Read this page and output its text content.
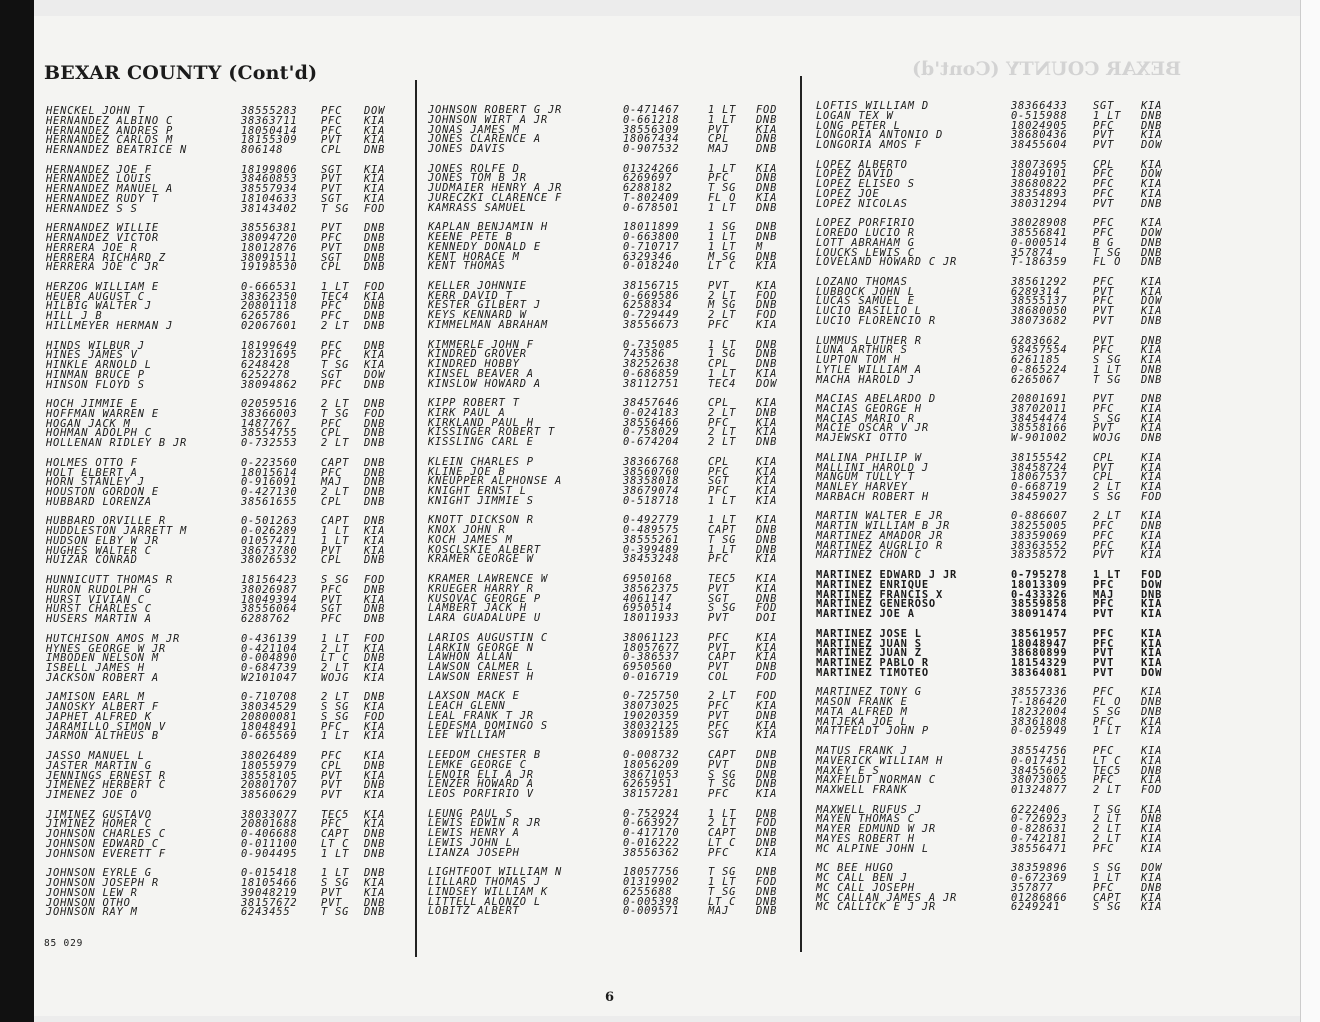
BEXAR COUNTY (Cont'd)	BEXAR COUNTY (Cont'd)
HENCKEL JOHN T	38555283 PFC DOW
HERNANDEZ ALBINO C	38363711 PFC KIA
HERNANDEZ ANDRES P	18050414 PFC KIA
HERNANDEZ CARLOS M	18155309 PVT KIA
HERNANDEZ BEATRICE N	806148	CPL DNB
HERNANDEZ JOE F	18199806 SGT KIA
HERNANDEZ LOUIS	38460853 PVT KIA
HERNANDEZ MANUEL A	38557934 PVT KIA
HERNANDEZ RUDY T	18104633 SGT KIA
HERNANDEZ S S	38143402 T SG FOD
HERNANDEZ WILLIE	38556381 PVT DNB
HERNANDEZ VICTOR	38094720 PFC DNB
HERRERA JOE R	18012876 PVT DNB
HERRERA RICHARD Z	38091511 SGT DNB
HERRERA JOE C JR	19198530 CPL DNB
HERZOG WILLIAM E	0-666531 1 LT FOD
HEUER AUGUST C	38362350 TEC4 KIA
HILBIG WALTER J	20801118 PFC DNB
HILL J B	6265786	PFC DNB
HILLMEYER HERMAN J	02067601 2 LT DNB
HINDS WILBUR J	18199649 PFC DNB
HINES JAMES V	18231695 PFC KIA
HINKLE ARNOLD L	6248428	T SG KIA
HINMAN BRUCE P	6252278	SGT DOW
HINSON FLOYD S	38094862 PFC DNB
HOCH JIMMIE E	02059516 2 LT DNB
HOFFMAN WARREN E	38366003 T SG FOD
HOGAN JACK M	1487767	PFC DNB
HOHMAN ADOLPH C	38554755 CPL DNB
HOLLENAN RIDLEY B JR	0-732553 2 LT DNB
HOLMES OTTO F	0-223560 CAPT DNB
HOLT ELBERT A	18015614 PFC DNB
HORN STANLEY J	0-916091 MAJ DNB
HOUSTON GORDON E	0-427130 2 LT DNB
HUBBARD LORENZA	38561655 CPL DNB
HUBBARD ORVILLE R	0-501263 CAPT DNB
HUDDLESTON JARRETT M	0-026289 1 LT KIA
HUDSON ELBY W JR	01057471 1 LT KIA
HUGHES WALTER C	38673780 PVT KIA
HUIZAR CONRAD	38026532 CPL DNB
HUNNICUTT THOMAS R	18156423 S SG FOD
HURON RUDOLPH G	38026987 PFC DNB
HURST VIVIAN C	18049394 PVT KIA
HURST CHARLES C	38556064 SGT DNB
HUSERS MARTIN A	6288762	PFC DNB
HUTCHISON AMOS M JR	0-436139 1 LT FOD
HYNES GEORGE W JR	0-421104 2 LT KIA
IMBODEN NELSON M	0-004890 LT C DNB
ISBELL JAMES H	0-684739 2 LT KIA
JACKSON ROBERT A	W2101047 WOJG KIA
JAMISON EARL M	0-710708 2 LT DNB
JANOSKY ALBERT F	38034529 S SG KIA
JAPHET ALFRED K	20800081 S SG FOD
JARAMILLO SIMON V	18048491 PFC KIA
JARMON ALTHEUS B	0-665569 1 LT KIA
JASSO MANUEL L	38026489 PFC KIA
JASTER MARTIN G	18055979 CPL DNB
JENNINGS ERNEST R	38558105 PVT KIA
JIMENEZ HERBERT C	20801707 PVT DNB
JIMENEZ JOE O	38560629 PVT KIA
JIMINEZ GUSTAVO	38033077 TEC5 KIA
JIMINEZ HOMER C	20801688 PFC KIA
JOHNSON CHARLES C	0-406688 CAPT DNB
JOHNSON EDWARD C	0-011100 LT C DNB
JOHNSON EVERETT F	0-904495 1 LT DNB
JOHNSON EYRLE G	0-015418 1 LT DNB
JOHNSON JOSEPH R	18105466 S SG KIA
JOHNSON LEW R	39048219 PVT KIA
JOHNSON OTHO	38157672 PVT DNB
JOHNSON RAY M	6243455	T SG DNB
JOHNSON ROBERT G JR	0-471467	1 LT FOD
JOHNSON WIRT A JR	0-661218	1 LT DNB
JONAS JAMES M	38556309	PVT	KIA
JONES CLARENCE A	18067434	CPL	DNB
JONES DAVIS	0-907532	MAJ	DNB
JONES ROLFE D	01324266	1 LT KIA
JONES TOM B JR	6269697	PFC	DNB
JUDMAIER HENRY A JR	6288182	T SG DNB
JURECZKI CLARENCE F	T-802409	FL O KIA
KAMRASS SAMUEL	0-678501	1 LT DNB
KAPLAN BENJAMIN H	18011899	1 SG DNB
KEENE PETE B	0-663800	1 LT DNB
KENNEDY DONALD E	0-710717	1 LT M
KENT HORACE M	6329346	M SG DNB
KENT THOMAS	0-018240	LT C KIA
KELLER JOHNNIE	38156715	PVT	KIA
KERR DAVID T	0-669586	2 LT FOD
KESTER GILBERT J	6258834	M SG DNB
KEYS KENNARD W	0-729449	2 LT FOD
KIMMELMAN ABRAHAM	38556673	PFC	KIA
KIMMERLE JOHN F	0-735085	1 LT DNB
KINDRED GROVER	743586	1 SG DNB
KINDRED HOBBY	38252638	CPL	DNB
KINSEL BEAVER A	0-686859	1 LT KIA
KINSLOW HOWARD A	38112751	TEC4 DOW
KIPP ROBERT T	38457646	CPL	KIA
KIRK PAUL A	0-024183	2 LT DNB
KIRKLAND PAUL H	38556466	PFC	KIA
KISSINGER ROBERT T	0-758029	2 LT KIA
KISSLING CARL E	0-674204	2 LT DNB
KLEIN CHARLES P	38366768	CPL	KIA
KLINE JOE B	38560760	PFC	KIA
KNEUPPER ALPHONSE A	38358018	SGT	KIA
KNIGHT ERNST L	38679074	PFC	KIA
KNIGHT JIMMIE S	0-518718	1 LT KIA
KNOTT DICKSON R	0-492779	1 LT KIA
KNOX JOHN R	0-489575	CAPT DNB
KOCH JAMES M	38555261	T SG DNB
KOSCLSKIE ALBERT	0-399489	1 LT DNB
KRAMER GEORGE W	38453248	PFC	KIA
KRAMER LAWRENCE W	6950168	TEC5 KIA
KRUEGER HARRY R	38562375	PVT	KIA
KUSOVAC GEORGE P	4061147	SGT	DNB
LAMBERT JACK H	6950514	S SG FOD
LARA GUADALUPE U	18011933	PVT	DOI
LARIOS AUGUSTIN C	38061123	PFC	KIA
LARKIN GEORGE N	18057677	PVT	KIA
LAWHON ALLAN	0-386537	CAPT KIA
LAWSON CALMER L	6950560	PVT	DNB
LAWSON ERNEST H	0-016719	COL	FOD
LAXSON MACK E	0-725750	2 LT FOD
LEACH GLENN	38073025	PFC	KIA
LEAL FRANK T JR	19020359	PVT	DNB
LEDESMA DOMINGO S	38032125	PFC	KIA
LEE WILLIAM	38091589	SGT	KIA
LEEDOM CHESTER B	0-008732	CAPT DNB
LEMKE GEORGE C	18056209	PVT	DNB
LENOIR ELI A JR	38671053	S SG DNB
LENZER HOWARD A	6265951	T SG DNB
LEOS PORFIRIO V	38157281	PFC	KIA
LEUNG PAUL S	0-752924	1 LT DNB
LEWIS EDWIN R JR	0-663927	2 LT FOD
LEWIS HENRY A	0-417170	CAPT DNB
LEWIS JOHN L	0-016222	LT C DNB
LIANZA JOSEPH	38556362	PFC	KIA
LIGHTFOOT WILLIAM N	18057756	T SG DNB
LILLARD THOMAS J	01319902	1 LT FOD
LINDSEY WILLIAM K	6255688	T SG DNB
LITTELL ALONZO L	0-005398	LT C DNB
LOBITZ ALBERT	0-009571	MAJ	DNB
LOFTIS WILLIAM D	38366433 SGT	KIA
LOGAN TEX W	0-515988 1 LT DNB
LONG PETER L	18024905 PFC	DNB
LONGORIA ANTONIO D	38680436 PVT	KIA
LONGORIA AMOS F	38455604 PVT	DOW
LOPEZ ALBERTO	38073695 CPL	KIA
LOPEZ DAVID	18049101 PFC	DOW
LOPEZ ELISEO S	38680822 PFC	KIA
LOPEZ JOE	38354893 PFC	KIA
LOPEZ NICOLAS	38031294 PVT	DNB
LOPEZ PORFIRIO	38028908 PFC	KIA
LOREDO LUCIO R	38556841 PFC	DOW
LOTT ABRAHAM G	0-000514 B G	DNB
LOUCKS LEWIS C	357874	T SG DNB
LOVELAND HOWARD C JR	T-186359 FL O DNB
LOZANO THOMAS	38561292 PFC	KIA
LUBBOCK JOHN L	6289314	PVT	KIA
LUCAS SAMUEL E	38555137 PFC	DOW
LUCIO BASILIO L	38680050 PVT	KIA
LUCIO FLORENCIO R	38073682 PVT	DNB
LUMMUS LUTHER R	6283662	PVT	DNB
LUNA ARTHUR S	38457554 PFC	KIA
LUPTON TOM H	6261185	S SG KIA
LYTLE WILLIAM A	0-865224 1 LT DNB
MACHA HAROLD J	6265067	T SG DNB
MACIAS ABELARDO D	20801691 PVT	DNB
MACIAS GEORGE H	38702011 PFC	KIA
MACIAS MARIO R	38454474 S SG KIA
MACIE OSCAR V JR	38558166 PVT	KIA
MAJEWSKI OTTO	W-901002 WOJG DNB
MALINA PHILIP W	38155542 CPL	KIA
MALLINI HAROLD J	38458724 PVT	KIA
MANGUM TULLY T	18067537 CPL	KIA
MANLEY HARVEY	0-668719 2 LT KIA
MARBACH ROBERT H	38459027 S SG FOD
MARTIN WALTER E JR	0-886607 2 LT KIA
MARTIN WILLIAM B JR	38255005 PFC	DNB
MARTINEZ AMADOR JR	38359069 PFC	KIA
MARTINEZ AUGRLIO R	38363552 PFC	KIA
MARTINEZ CHON C	38358572 PVT	KIA
MARTINEZ EDWARD J JR	0-795278 1 LT FOD
MARTINEZ ENRIQUE	18013309 PFC	DOW
MARTINEZ FRANCIS X	0-433326 MAJ	DNB
MARTINEZ GENEROSO	38559858 PFC	KIA
MARTINEZ JOE A	38091474 PVT	KIA
MARTINEZ JOSE L	38561957 PFC	KIA
MARTINEZ JUAN S	18048947 PFC	KIA
MARTINEZ JUAN Z	38680899 PVT	KIA
MARTINEZ PABLO R	18154329 PVT	KIA
MARTINEZ TIMOTEO	38364081 PVT	DOW
MARTINEZ TONY G	38557336 PFC	KIA
MASON FRANK E	T-186420 FL O DNB
MATA ALFRED M	18232004 S SG DNB
MATJEKA JOE L	38361808 PFC	KIA
MATTFELDT JOHN P	0-025949 1 LT KIA
MATUS FRANK J	38554756 PFC	KIA
MAVERICK WILLIAM H	0-017451 LT C KIA
MAXEY E S	38455602 TEC5 DNB
MAXFELDT NORMAN C	38073065 PFC	KIA
MAXWELL FRANK	01324877 2 LT FOD
MAXWELL RUFUS J	6222406	T SG KIA
MAYEN THOMAS C	0-726923 2 LT DNB
MAYER EDMUND W JR	0-828631 2 LT KIA
MAYES ROBERT H	0-742181 2 LT KIA
MC ALPINE JOHN L	38556471 PFC	KIA
MC BEE HUGO	38359896 S SG DOW
MC CALL BEN J	0-672369 1 LT KIA
MC CALL JOSEPH	357877	PFC	DNB
MC CALLAN JAMES A JR	01286866 CAPT KIA
MC CALLICK E J JR	6249241	S SG KIA
85 029
6
